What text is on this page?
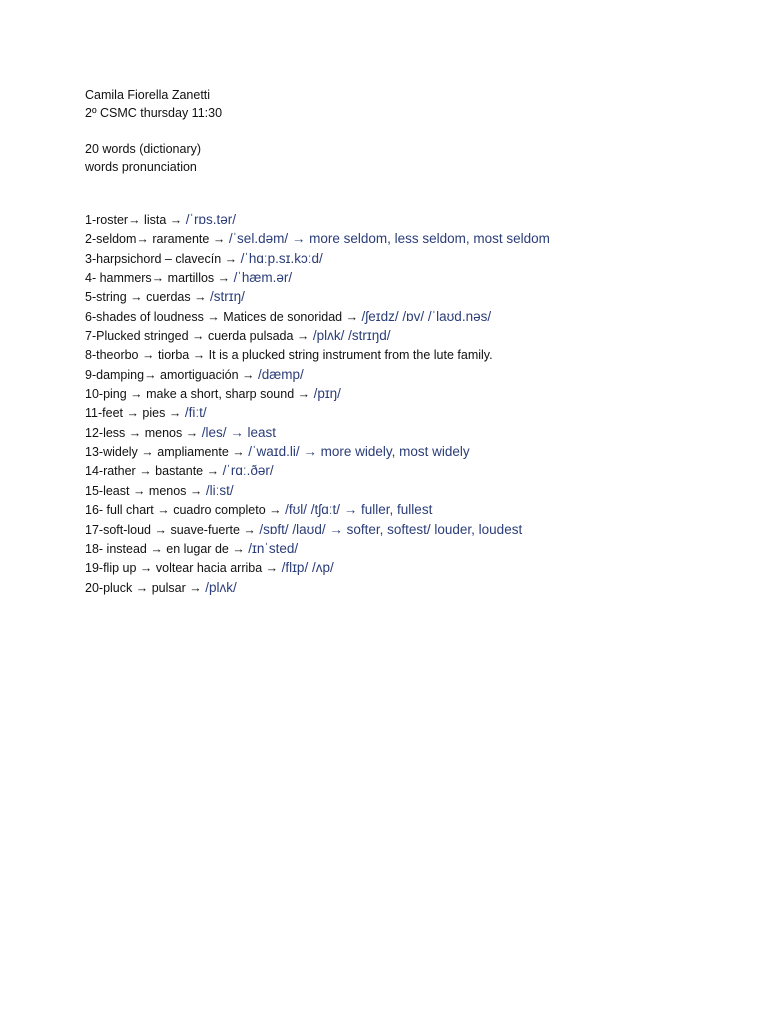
Camila Fiorella Zanetti
2º CSMC thursday 11:30
20 words (dictionary)
words pronunciation
1-roster→ lista → /ˈrɒs.tər/
2-seldom→ raramente → /ˈsel.dəm/ → more seldom, less seldom, most seldom
3-harpsichord – clavecín → /ˈhɑːp.sɪ.kɔːd/
4- hammers→ martillos → /ˈhæm.ər/
5-string → cuerdas → /strɪŋ/
6-shades of loudness → Matices de sonoridad → /ʃeɪdz/ /ɒv/ /ˈlaʊd.nəs/
7-Plucked stringed → cuerda pulsada → /plʌk/ /strɪŋd/
8-theorbo → tiorba → It is a plucked string instrument from the lute family.
9-damping→ amortiguación → /dæmp/
10-ping → make a short, sharp sound → /pɪŋ/
11-feet → pies → /fiːt/
12-less → menos → /les/ → least
13-widely → ampliamente → /ˈwaɪd.li/ → more widely, most widely
14-rather → bastante → /ˈrɑː.ðər/
15-least → menos → /liːst/
16- full chart → cuadro completo → /fʊl/ /tʃɑːt/ → fuller, fullest
17-soft-loud → suave-fuerte → /sɒft/ /laʊd/ → softer, softest/ louder, loudest
18- instead → en lugar de → /ɪnˈsted/
19-flip up → voltear hacia arriba → /flɪp/ /ʌp/
20-pluck → pulsar → /plʌk/
